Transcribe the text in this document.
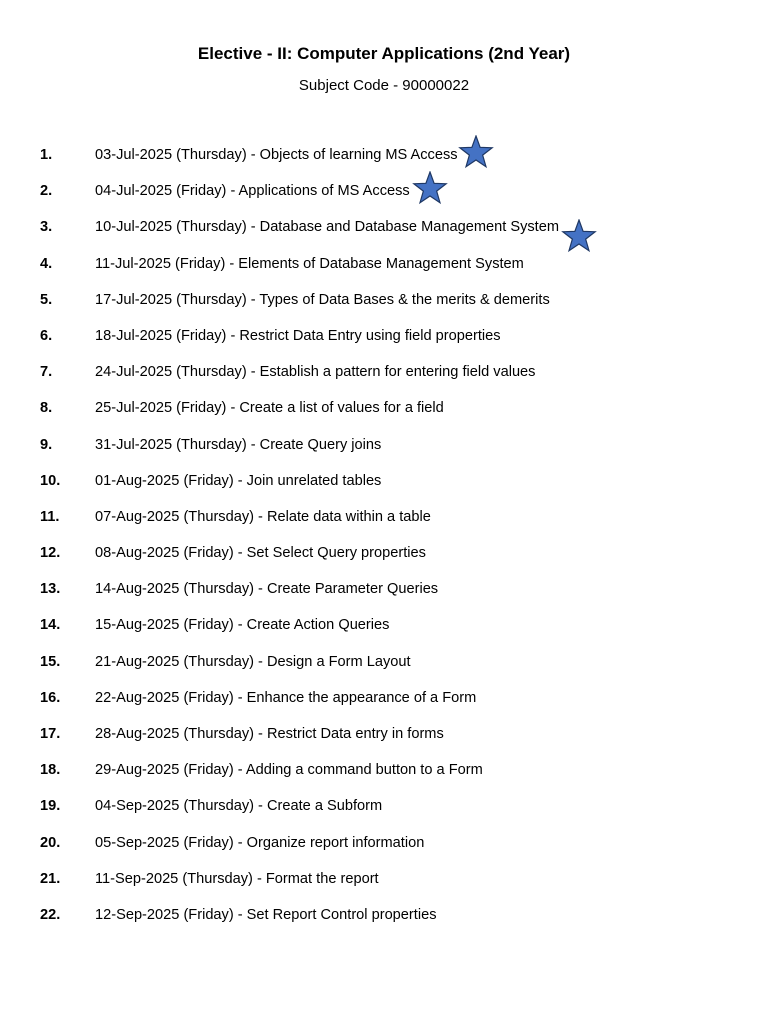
Elective - II: Computer Applications (2nd Year)
Subject Code - 90000022
1.	03-Jul-2025 (Thursday) - Objects of learning MS Access
2.	04-Jul-2025 (Friday) - Applications of MS Access
3.	10-Jul-2025 (Thursday) - Database and Database Management System
4.	11-Jul-2025 (Friday) - Elements of Database Management System
5.	17-Jul-2025 (Thursday) - Types of Data Bases & the merits & demerits
6.	18-Jul-2025 (Friday) - Restrict Data Entry using field properties
7.	24-Jul-2025 (Thursday) - Establish a pattern for entering field values
8.	25-Jul-2025 (Friday) - Create a list of values for a field
9.	31-Jul-2025 (Thursday) - Create Query joins
10. 01-Aug-2025 (Friday) - Join unrelated tables
11. 07-Aug-2025 (Thursday) - Relate data within a table
12. 08-Aug-2025 (Friday) - Set Select Query properties
13. 14-Aug-2025 (Thursday) - Create Parameter Queries
14. 15-Aug-2025 (Friday) - Create Action Queries
15. 21-Aug-2025 (Thursday) - Design a Form Layout
16. 22-Aug-2025 (Friday) - Enhance the appearance of a Form
17. 28-Aug-2025 (Thursday) - Restrict Data entry in forms
18. 29-Aug-2025 (Friday) - Adding a command button to a Form
19. 04-Sep-2025 (Thursday) - Create a Subform
20. 05-Sep-2025 (Friday) - Organize report information
21. 11-Sep-2025 (Thursday) - Format the report
22. 12-Sep-2025 (Friday) - Set Report Control properties
